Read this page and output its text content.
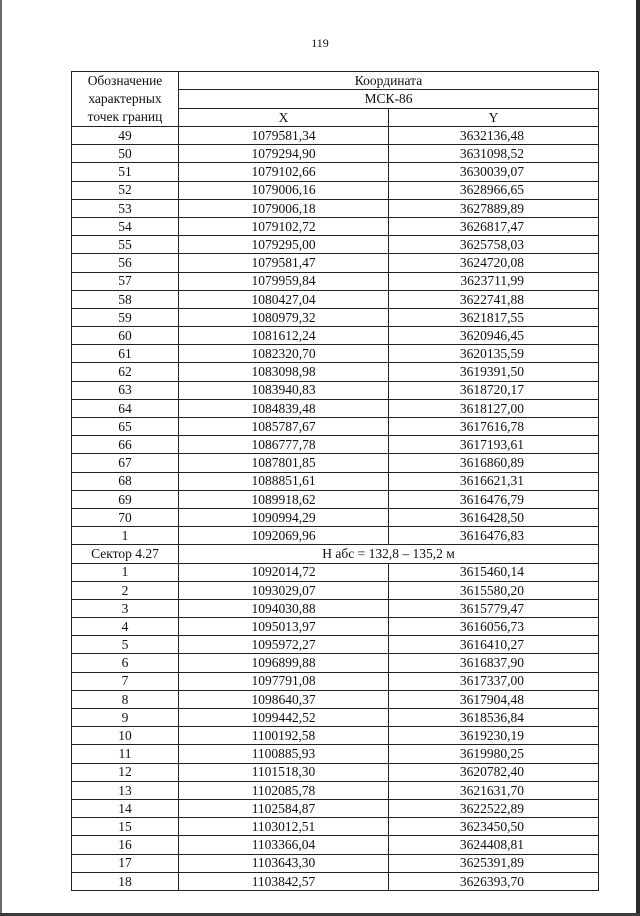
119
Обозначение характерных точек границ	Координата	
	МСК-86	
	X	Y
49	1079581,34	3632136,48
50	1079294,90	3631098,52
51	1079102,66	3630039,07
52	1079006,16	3628966,65
53	1079006,18	3627889,89
54	1079102,72	3626817,47
55	1079295,00	3625758,03
56	1079581,47	3624720,08
57	1079959,84	3623711,99
58	1080427,04	3622741,88
59	1080979,32	3621817,55
60	1081612,24	3620946,45
61	1082320,70	3620135,59
62	1083098,98	3619391,50
63	1083940,83	3618720,17
64	1084839,48	3618127,00
65	1085787,67	3617616,78
66	1086777,78	3617193,61
67	1087801,85	3616860,89
68	1088851,61	3616621,31
69	1089918,62	3616476,79
70	1090994,29	3616428,50
1	1092069,96	3616476,83
Сектор 4.27	Н абс = 132,8 – 135,2 м	
1	1092014,72	3615460,14
2	1093029,07	3615580,20
3	1094030,88	3615779,47
4	1095013,97	3616056,73
5	1095972,27	3616410,27
6	1096899,88	3616837,90
7	1097791,08	3617337,00
8	1098640,37	3617904,48
9	1099442,52	3618536,84
10	1100192,58	3619230,19
11	1100885,93	3619980,25
12	1101518,30	3620782,40
13	1102085,78	3621631,70
14	1102584,87	3622522,89
15	1103012,51	3623450,50
16	1103366,04	3624408,81
17	1103643,30	3625391,89
18	1103842,57	3626393,70
